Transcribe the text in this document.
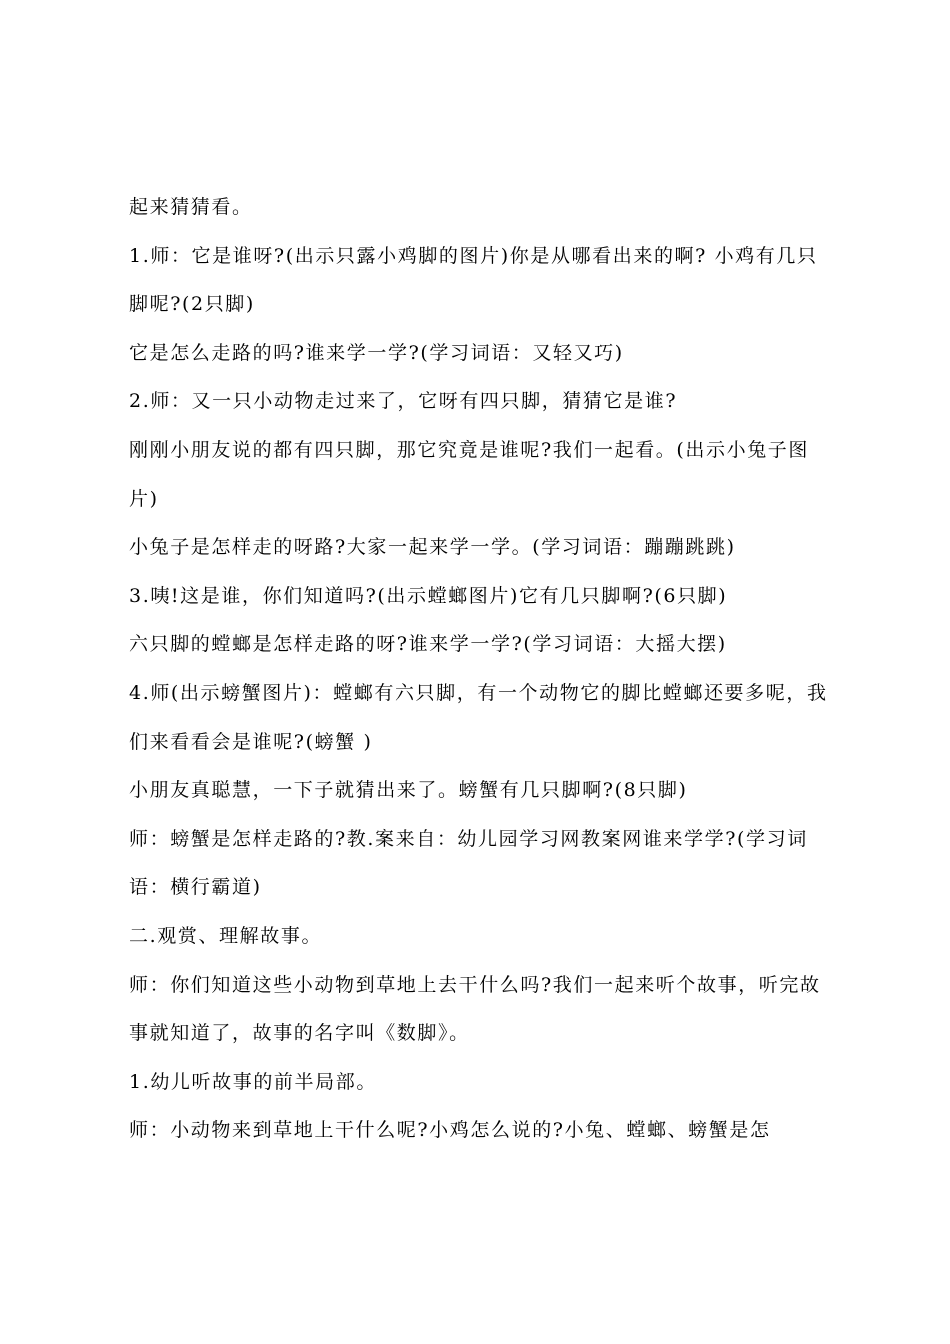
起来猜猜看。

1.师：它是谁呀?(出示只露小鸡脚的图片)你是从哪看出来的啊? 小鸡有几只脚呢?(2只脚)

它是怎么走路的吗?谁来学一学?(学习词语：又轻又巧)

2.师：又一只小动物走过来了，它呀有四只脚，猜猜它是谁?

刚刚小朋友说的都有四只脚，那它究竟是谁呢?我们一起看。(出示小兔子图片)

小兔子是怎样走的呀路?大家一起来学一学。(学习词语：蹦蹦跳跳)

3.咦!这是谁，你们知道吗?(出示螳螂图片)它有几只脚啊?(6只脚)

六只脚的螳螂是怎样走路的呀?谁来学一学?(学习词语：大摇大摆)

4.师(出示螃蟹图片)：螳螂有六只脚，有一个动物它的脚比螳螂还要多呢，我们来看看会是谁呢?(螃蟹 )

小朋友真聪慧，一下子就猜出来了。螃蟹有几只脚啊?(8只脚)

师：螃蟹是怎样走路的?教.案来自：幼儿园学习网教案网谁来学学?(学习词语：横行霸道)

二.观赏、理解故事。

师：你们知道这些小动物到草地上去干什么吗?我们一起来听个故事，听完故事就知道了，故事的名字叫《数脚》。

1.幼儿听故事的前半局部。

师：小动物来到草地上干什么呢?小鸡怎么说的?小兔、螳螂、螃蟹是怎
